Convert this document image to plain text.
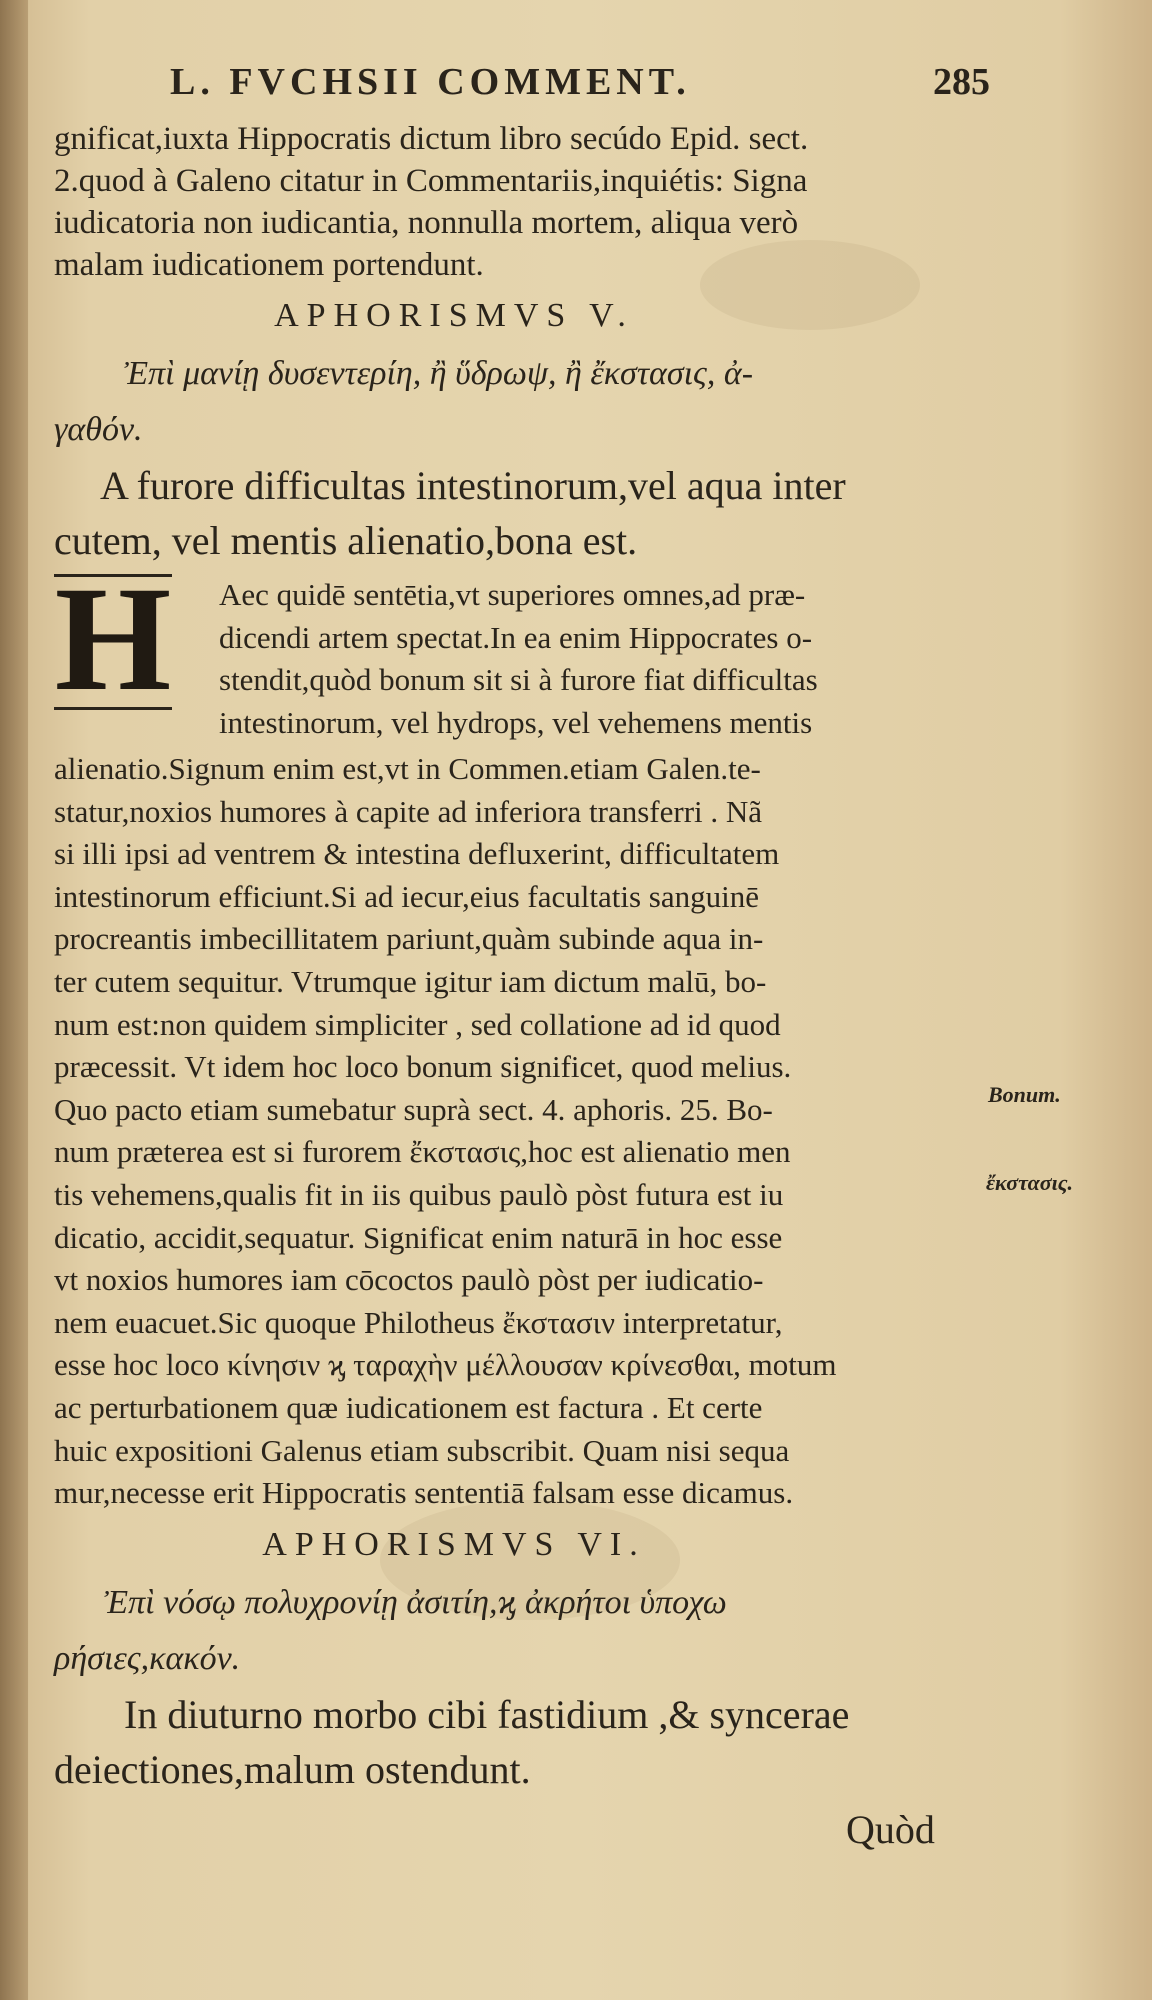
L. FVCHSII COMMENT.	285
gnificat,iuxta Hippocratis dictum libro secúdo Epid. sect.
2.quod à Galeno citatur in Commentariis,inquiétis: Signa
iudicatoria non iudicantia, nonnulla mortem, aliqua verò
malam iudicationem portendunt.
APHORISMVS V.
Ἐπὶ μανίῃ δυσεντερίη, ἢ ὕδρωψ, ἢ ἔκστασις, ἀ-
γαθόν.
A furore difficultas intestinorum,vel aqua inter
cutem, vel mentis alienatio,bona est.
H Aec quidē sentētia,vt superiores omnes,ad præ-
dicendi artem spectat.In ea enim Hippocrates o-
stendit,quòd bonum sit si à furore fiat difficultas
intestinorum, vel hydrops, vel vehemens mentis
alienatio.Signum enim est,vt in Commen.etiam Galen.te-
statur,noxios humores à capite ad inferiora transferri . Nã
si illi ipsi ad ventrem & intestina defluxerint, difficultatem
intestinorum efficiunt.Si ad iecur,eius facultatis sanguinē
procreantis imbecillitatem pariunt,quàm subinde aqua in-
ter cutem sequitur. Vtrumque igitur iam dictum malū, bo-
num est:non quidem simpliciter , sed collatione ad id quod
præcessit. Vt idem hoc loco bonum significet, quod melius.
Quo pacto etiam sumebatur suprà sect. 4. aphoris. 25. Bo-
num præterea est si furorem ἔκστασις,hoc est alienatio men
tis vehemens,qualis fit in iis quibus paulò pòst futura est iu
dicatio, accidit,sequatur. Significat enim naturā in hoc esse
vt noxios humores iam cōcoctos paulò pòst per iudicatio-
nem euacuet.Sic quoque Philotheus ἔκστασιν interpretatur,
esse hoc loco κίνησιν ϗ ταραχὴν μέλλουσαν κρίνεσθαι, motum
ac perturbationem quæ iudicationem est factura . Et certe
huic expositioni Galenus etiam subscribit. Quam nisi sequa
mur,necesse erit Hippocratis sententiā falsam esse dicamus.
APHORISMVS VI.
Ἐπὶ νόσῳ πολυχρονίῃ ἀσιτίη,ϗ ἀκρήτοι ὑποχω
ρήσιες,κακόν.
In diuturno morbo cibi fastidium ,& syncerae
deiectiones,malum ostendunt.
Bonum.
ἔκστασις.
Quòd
